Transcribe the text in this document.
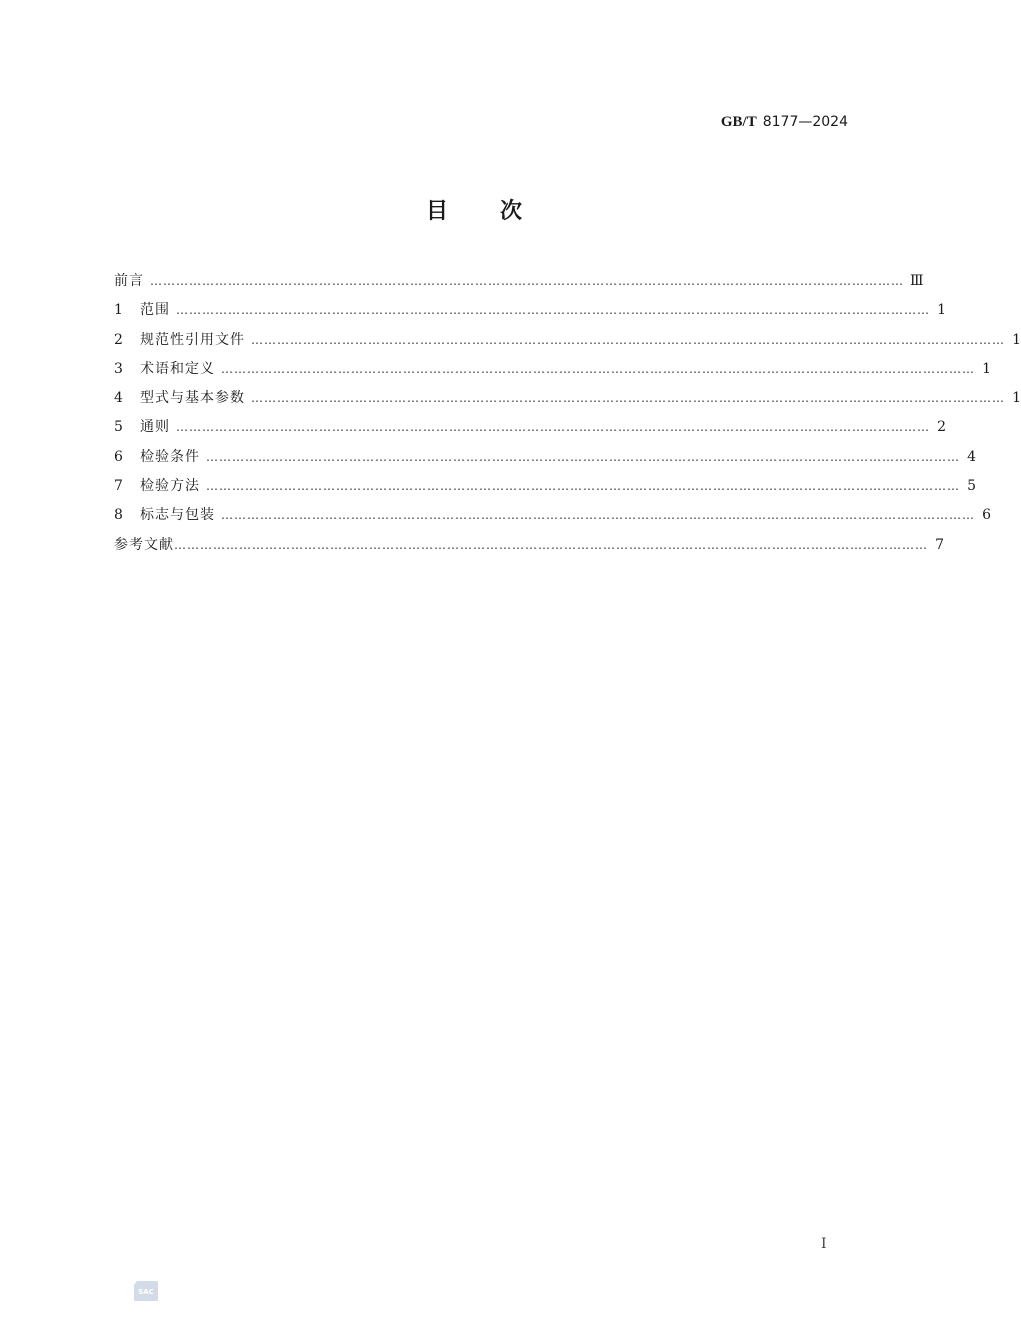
GB/T 8177—2024
目 次
前言 ………………………………………………………………………………………………………………………………………………………… Ⅲ
1	范围 ………………………………………………………………………………………………………………………………………………………… 1
2	规范性引用文件 ………………………………………………………………………………………………………………………………………………………… 1
3	术语和定义 ………………………………………………………………………………………………………………………………………………………… 1
4	型式与基本参数 ………………………………………………………………………………………………………………………………………………………… 1
5	通则 ………………………………………………………………………………………………………………………………………………………… 2
6	检验条件 ………………………………………………………………………………………………………………………………………………………… 4
7	检验方法 ………………………………………………………………………………………………………………………………………………………… 5
8	标志与包装 ………………………………………………………………………………………………………………………………………………………… 6
参考文献 ………………………………………………………………………………………………………………………………………………………… 7
I
SAC
